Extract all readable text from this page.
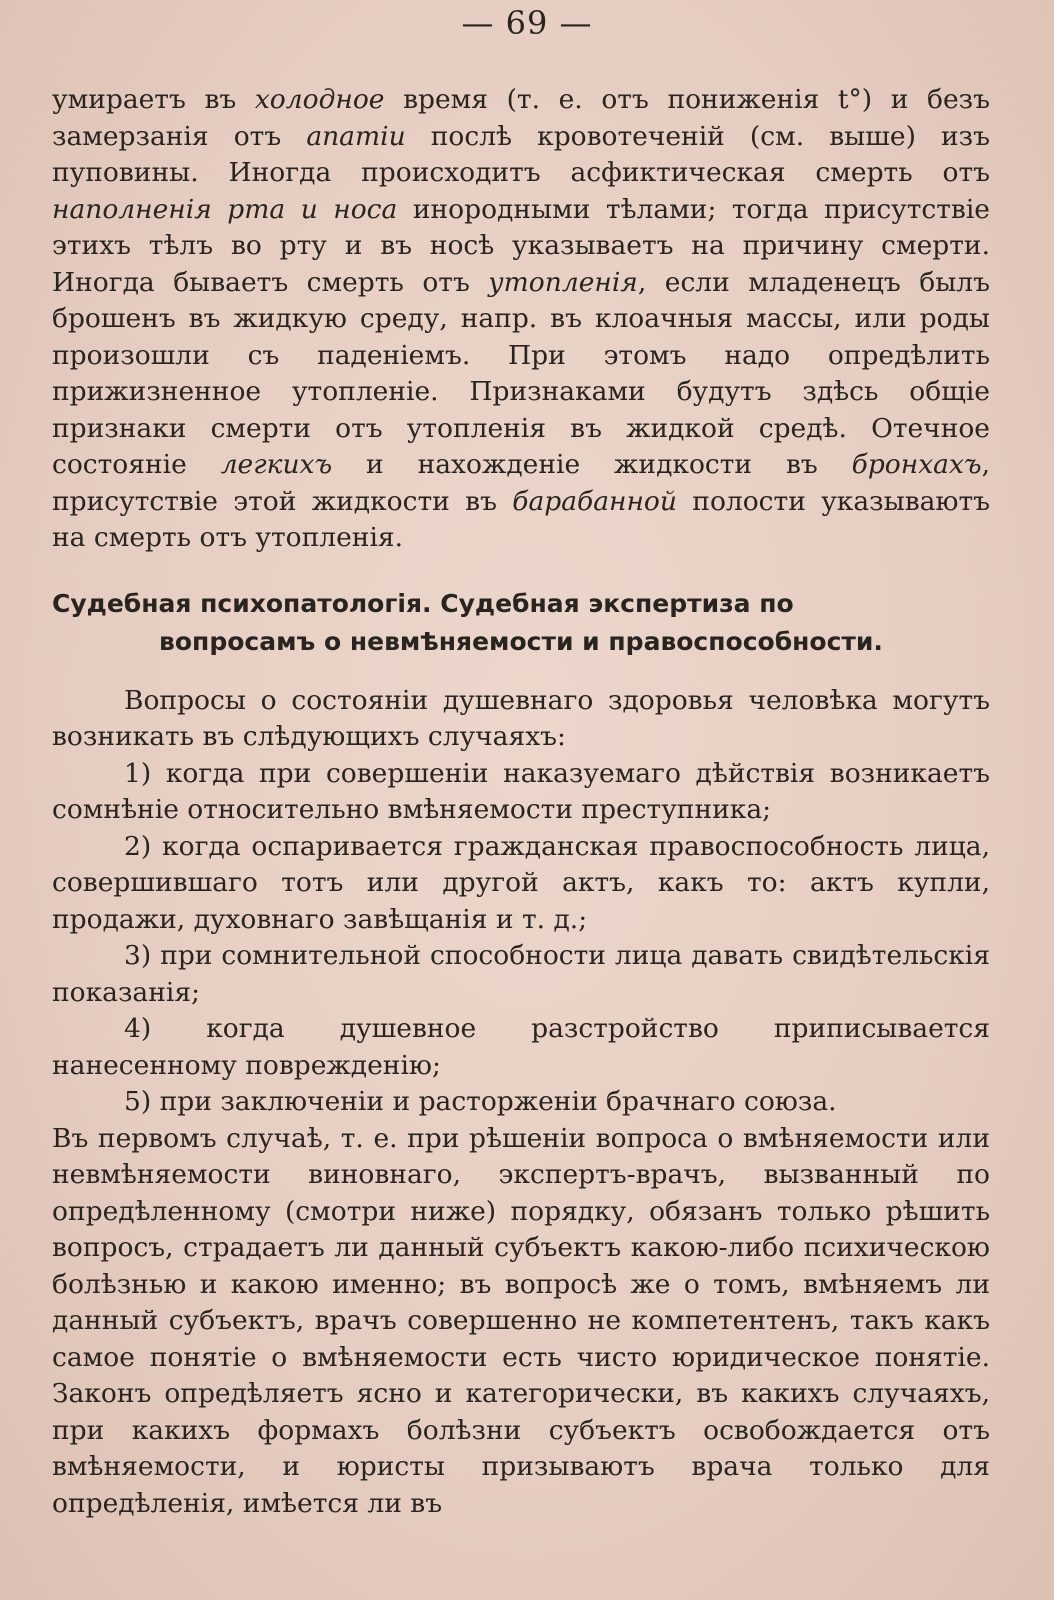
— 69 —

умираетъ въ холодное время (т. е. отъ пониженія t°) и безъ замерзанія отъ апатіи послѣ кровотеченій (см. выше) изъ пуповины. Иногда происходитъ асфиктическая смерть отъ наполненія рта и носа инородными тѣлами; тогда присутствіе этихъ тѣлъ во рту и въ носѣ указываетъ на причину смерти. Иногда бываетъ смерть отъ утопленія, если младенецъ былъ брошенъ въ жидкую среду, напр. въ клоачныя массы, или роды произошли съ паденіемъ. При этомъ надо опредѣлить прижизненное утопленіе. Признаками будутъ здѣсь общіе признаки смерти отъ утопленія въ жидкой средѣ. Отечное состояніе легкихъ и нахожденіе жидкости въ бронхахъ, присутствіе этой жидкости въ барабанной полости указываютъ на смерть отъ утопленія.

Судебная психопатологія. Судебная экспертиза по
вопросамъ о невмѣняемости и правоспособности.

Вопросы о состояніи душевнаго здоровья человѣка могутъ возникать въ слѣдующихъ случаяхъ:

1) когда при совершеніи наказуемаго дѣйствія возникаетъ сомнѣніе относительно вмѣняемости преступника;

2) когда оспаривается гражданская правоспособность лица, совершившаго тотъ или другой актъ, какъ то: актъ купли, продажи, духовнаго завѣщанія и т. д.;

3) при сомнительной способности лица давать свидѣтельскія показанія;

4) когда душевное разстройство приписывается нанесенному поврежденію;

5) при заключеніи и расторженіи брачнаго союза.

Въ первомъ случаѣ, т. е. при рѣшеніи вопроса о вмѣняемости или невмѣняемости виновнаго, экспертъ-врачъ, вызванный по опредѣленному (смотри ниже) порядку, обязанъ только рѣшить вопросъ, страдаетъ ли данный субъектъ какою-либо психическою болѣзнью и какою именно; въ вопросѣ же о томъ, вмѣняемъ ли данный субъектъ, врачъ совершенно не компетентенъ, такъ какъ самое понятіе о вмѣняемости есть чисто юридическое понятіе. Законъ опредѣляетъ ясно и категорически, въ какихъ случаяхъ, при какихъ формахъ болѣзни субъектъ освобождается отъ вмѣняемости, и юристы призываютъ врача только для опредѣленія, имѣется ли въ
